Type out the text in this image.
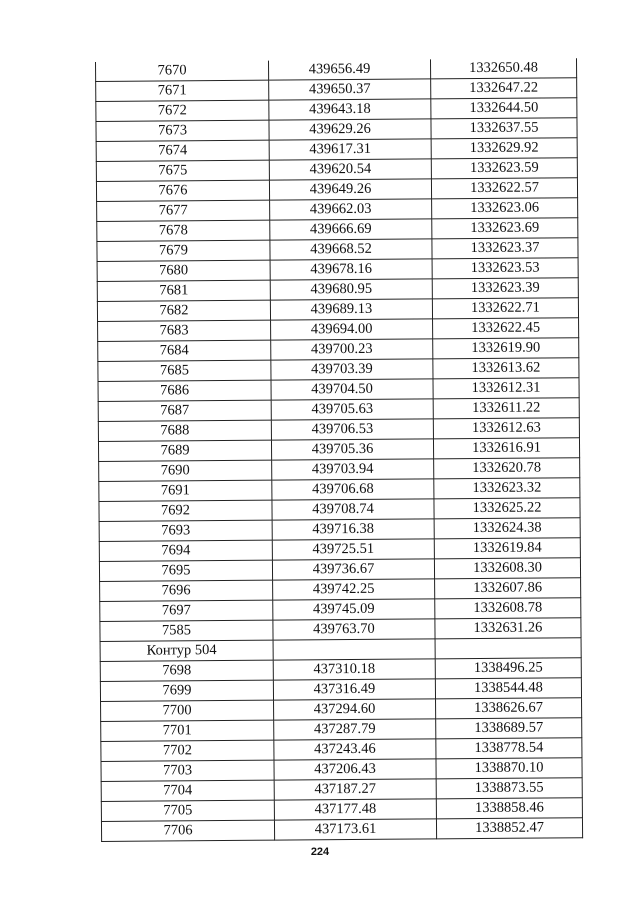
7670	439656.49	1332650.48
7671	439650.37	1332647.22
7672	439643.18	1332644.50
7673	439629.26	1332637.55
7674	439617.31	1332629.92
7675	439620.54	1332623.59
7676	439649.26	1332622.57
7677	439662.03	1332623.06
7678	439666.69	1332623.69
7679	439668.52	1332623.37
7680	439678.16	1332623.53
7681	439680.95	1332623.39
7682	439689.13	1332622.71
7683	439694.00	1332622.45
7684	439700.23	1332619.90
7685	439703.39	1332613.62
7686	439704.50	1332612.31
7687	439705.63	1332611.22
7688	439706.53	1332612.63
7689	439705.36	1332616.91
7690	439703.94	1332620.78
7691	439706.68	1332623.32
7692	439708.74	1332625.22
7693	439716.38	1332624.38
7694	439725.51	1332619.84
7695	439736.67	1332608.30
7696	439742.25	1332607.86
7697	439745.09	1332608.78
7585	439763.70	1332631.26
Контур 504		
7698	437310.18	1338496.25
7699	437316.49	1338544.48
7700	437294.60	1338626.67
7701	437287.79	1338689.57
7702	437243.46	1338778.54
7703	437206.43	1338870.10
7704	437187.27	1338873.55
7705	437177.48	1338858.46
7706	437173.61	1338852.47
224
